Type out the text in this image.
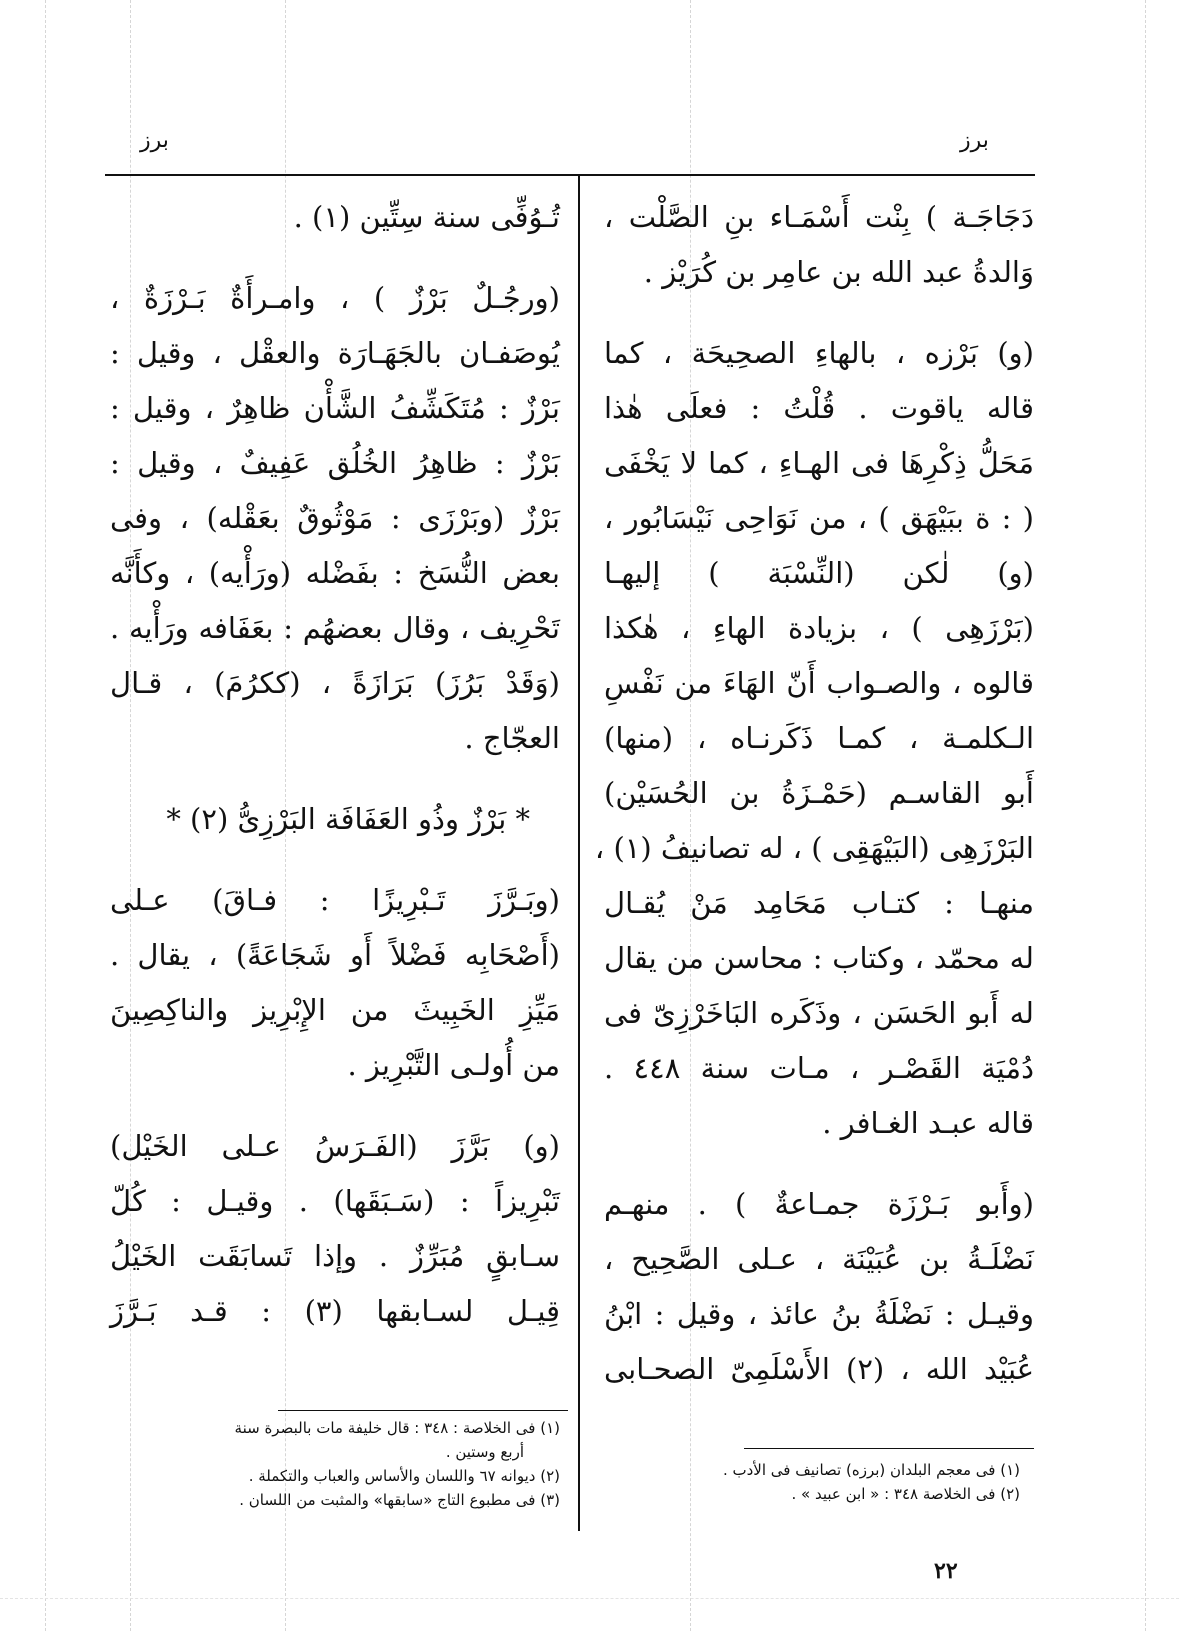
برز	برز
دَجَاجَـة ) بِنْت أَسْمَـاء بنِ الصَّلْت ،
وَالدةُ عبد الله بن عامِر بن كُرَيْز .
(و) بَرْزه ، بالهاءِ الصحِيحَة ، كما
قاله ياقوت . قُلْتُ : فعلَى هٰذا
مَحَلُّ ذِكْرِهَا فى الهـاءِ ، كما لا يَخْفَى
( : ة ببَيْهَق ) ، من نَوَاحِى نَيْسَابُور ،
(و) لٰكن (النِّسْبَة ) إليهـا
(بَرْزَهِى ) ، بزيادة الهاءِ ، هٰكذا
قالوه ، والصـواب أَنّ الهَاءَ من نَفْسِ
الـكلمـة ، كمـا ذَكَرنـاه ، (منها)
أَبو القاسـم (حَمْـزَةُ بن الحُسَيْن)
البَرْزَهِى (البَيْهَقِى ) ، له تصانيفُ (١) ،
منهـا : كتـاب مَحَامِد مَنْ يُقـال
له محمّد ، وكتاب : محاسن من يقال
له أَبو الحَسَن ، وذَكَره البَاخَرْزِىّ فى
دُمْيَة القَصْـر ، مـات سنة ٤٤٨ .
قاله عبـد الغـافر .
(وأَبو بَـرْزَة جمـاعةٌ ) . منهـم
نَضْلَـةُ بن عُبَيْنَة ، عـلى الصَّحِيح ،
وقيـل : نَضْلَةُ بنُ عائذ ، وقيل : ابْنُ
عُبَيْد الله ، (٢) الأَسْلَمِىّ الصحـابى
تُـوُفِّى سنة سِتِّين (١) .
(ورجُـلٌ بَرْزٌ ) ، وامـرأَةٌ بَـرْزَةٌ ،
يُوصَفـان بالجَهَـارَة والعقْل ، وقيل :
بَرْزٌ : مُتَكَشِّفُ الشَّأْن ظاهِرٌ ، وقيل :
بَرْزٌ : ظاهِرُ الخُلُق عَفِيفٌ ، وقيل :
بَرْزٌ (وبَرْزَى : مَوْثُوقٌ بعَقْله) ، وفى
بعض النُّسَخ : بفَضْله (ورَأْيه) ، وكأَنَّه
تَحْرِيف ، وقال بعضهُم : بعَفَافه ورَأْيه .
(وَقَدْ بَرُزَ) بَرَازَةً ، (ككرُمَ) ، قـال
العجّاج .
* بَرْزٌ وذُو العَفَافَة البَرْزِىُّ (٢) *
(وبَـرَّزَ تَـبْرِيزًا : فـاقَ) عـلى
(أَصْحَابِه فَضْلاً أَو شَجَاعَةً) ، يقال .
مَيِّزِ الخَبِيثَ من الإِبْرِيز والناكِصِينَ
من أُولـى التَّبْرِيز .
(و) بَرَّزَ (الفَـرَسُ عـلى الخَيْل)
تَبْرِيزاً : (سَـبَقَها) . وقيـل : كُلّ
سـابقٍ مُبَرِّزٌ . وإذا تَسابَقَت الخَيْلُ
قِيـل لسـابقها (٣) : قـد بَـرَّزَ
(١) فى معجم البلدان (برزه) تصانيف فى الأدب .
(٢) فى الخلاصة ٣٤٨ : « ابن عبيد » .
(١) فى الخلاصة : ٣٤٨ : قال خليفة مات بالبصرة سنة
أربع وستين .
(٢) ديوانه ٦٧ واللسان والأساس والعباب والتكملة .
(٣) فى مطبوع التاج «سابقها» والمثبت من اللسان .
٢٢
